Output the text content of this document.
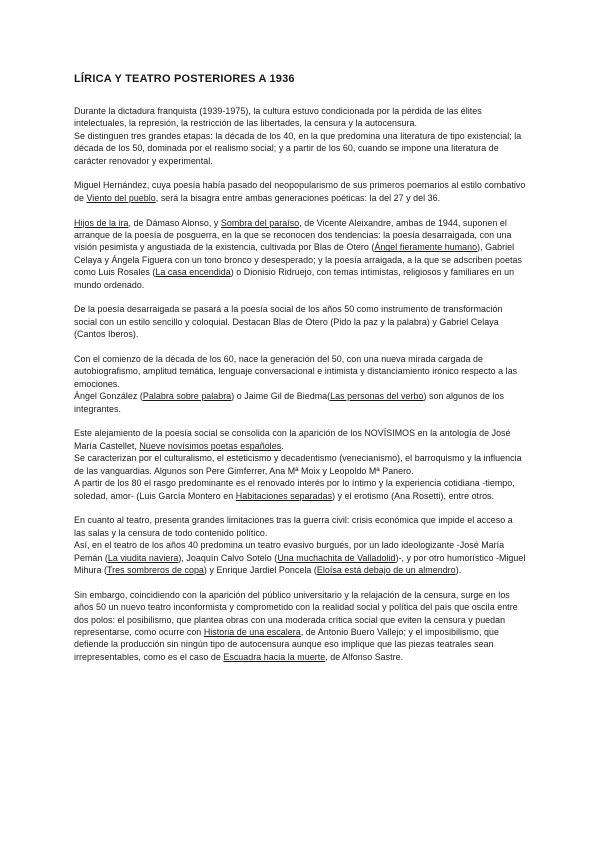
LÍRICA Y TEATRO POSTERIORES A 1936

Durante la dictadura franquista (1939-1975), la cultura estuvo condicionada por la pérdida de las élites intelectuales, la represión, la restricción de las libertades, la censura y la autocensura.
Se distinguen tres grandes etapas: la década de los 40, en la que predomina una literatura de tipo existencial; la década de los 50, dominada por el realismo social; y a partir de los 60, cuando se impone una literatura de carácter renovador y experimental.

Miguel Hernández, cuya poesía había pasado del neopopularismo de sus primeros poemarios al estilo combativo de Viento del pueblo, será la bisagra entre ambas generaciones poéticas: la del 27 y del 36.

Hijos de la ira, de Dámaso Alonso, y Sombra del paraíso, de Vicente Aleixandre, ambas de 1944, suponen el arranque de la poesía de posguerra, en la que se reconocen dos tendencias: la poesía desarraigada, con una visión pesimista y angustiada de la existencia, cultivada por Blas de Otero (Ángel fieramente humano), Gabriel Celaya y Ángela Figuera con un tono bronco y desesperado; y la poesía arraigada, a la que se adscriben poetas como Luis Rosales (La casa encendida) o Dionisio Ridruejo, con temas intimistas, religiosos y familiares en un mundo ordenado.

De la poesía desarraigada se pasará a la poesía social de los años 50 como instrumento de transformación social con un estilo sencillo y coloquial. Destacan Blas de Otero (Pido la paz y la palabra) y Gabriel Celaya (Cantos Iberos).

Con el comienzo de la década de los 60, nace la generación del 50, con una nueva mirada cargada de autobiografismo, amplitud temática, lenguaje conversacional e intimista y distanciamiento irónico respecto a las emociones.
Ángel González (Palabra sobre palabra) o Jaime Gil de Biedma(Las personas del verbo) son algunos de los integrantes.

Este alejamiento de la poesía social se consolida con la aparición de los NOVÍSIMOS en la antología de José María Castellet, Nueve novísimos poetas españoles.
Se caracterizan por el culturalismo, el esteticismo y decadentismo (venecianismo), el barroquismo y la influencia de las vanguardias. Algunos son Pere Gimferrer, Ana Mª Moix y Leopoldo Mª Panero.
A partir de los 80 el rasgo predominante es el renovado interés por lo íntimo y la experiencia cotidiana -tiempo, soledad, amor- (Luis García Montero en Habitaciones separadas) y el erotismo (Ana Rosetti), entre otros.

En cuanto al teatro, presenta grandes limitaciones tras la guerra civil: crisis económica que impide el acceso a las salas y la censura de todo contenido político.
Así, en el teatro de los años 40 predomina un teatro evasivo burgués, por un lado ideologizante -José María Pemán (La viudita naviera), Joaquín Calvo Sotelo (Una muchachita de Valladolid)-, y por otro humorístico -Miguel Mihura (Tres sombreros de copa) y Enrique Jardiel Poncela (Eloísa está debajo de un almendro).

Sin embargo, coincidiendo con la aparición del público universitario y la relajación de la censura, surge en los años 50 un nuevo teatro inconformista y comprometido con la realidad social y política del país que oscila entre dos polos: el posibilismo, que plantea obras con una moderada crítica social que eviten la censura y puedan representarse, como ocurre con Historia de una escalera, de Antonio Buero Vallejo; y el imposibilismo, que defiende la producción sin ningún tipo de autocensura aunque eso implique que las piezas teatrales sean irrepresentables, como es el caso de Escuadra hacia la muerte, de Alfonso Sastre.
